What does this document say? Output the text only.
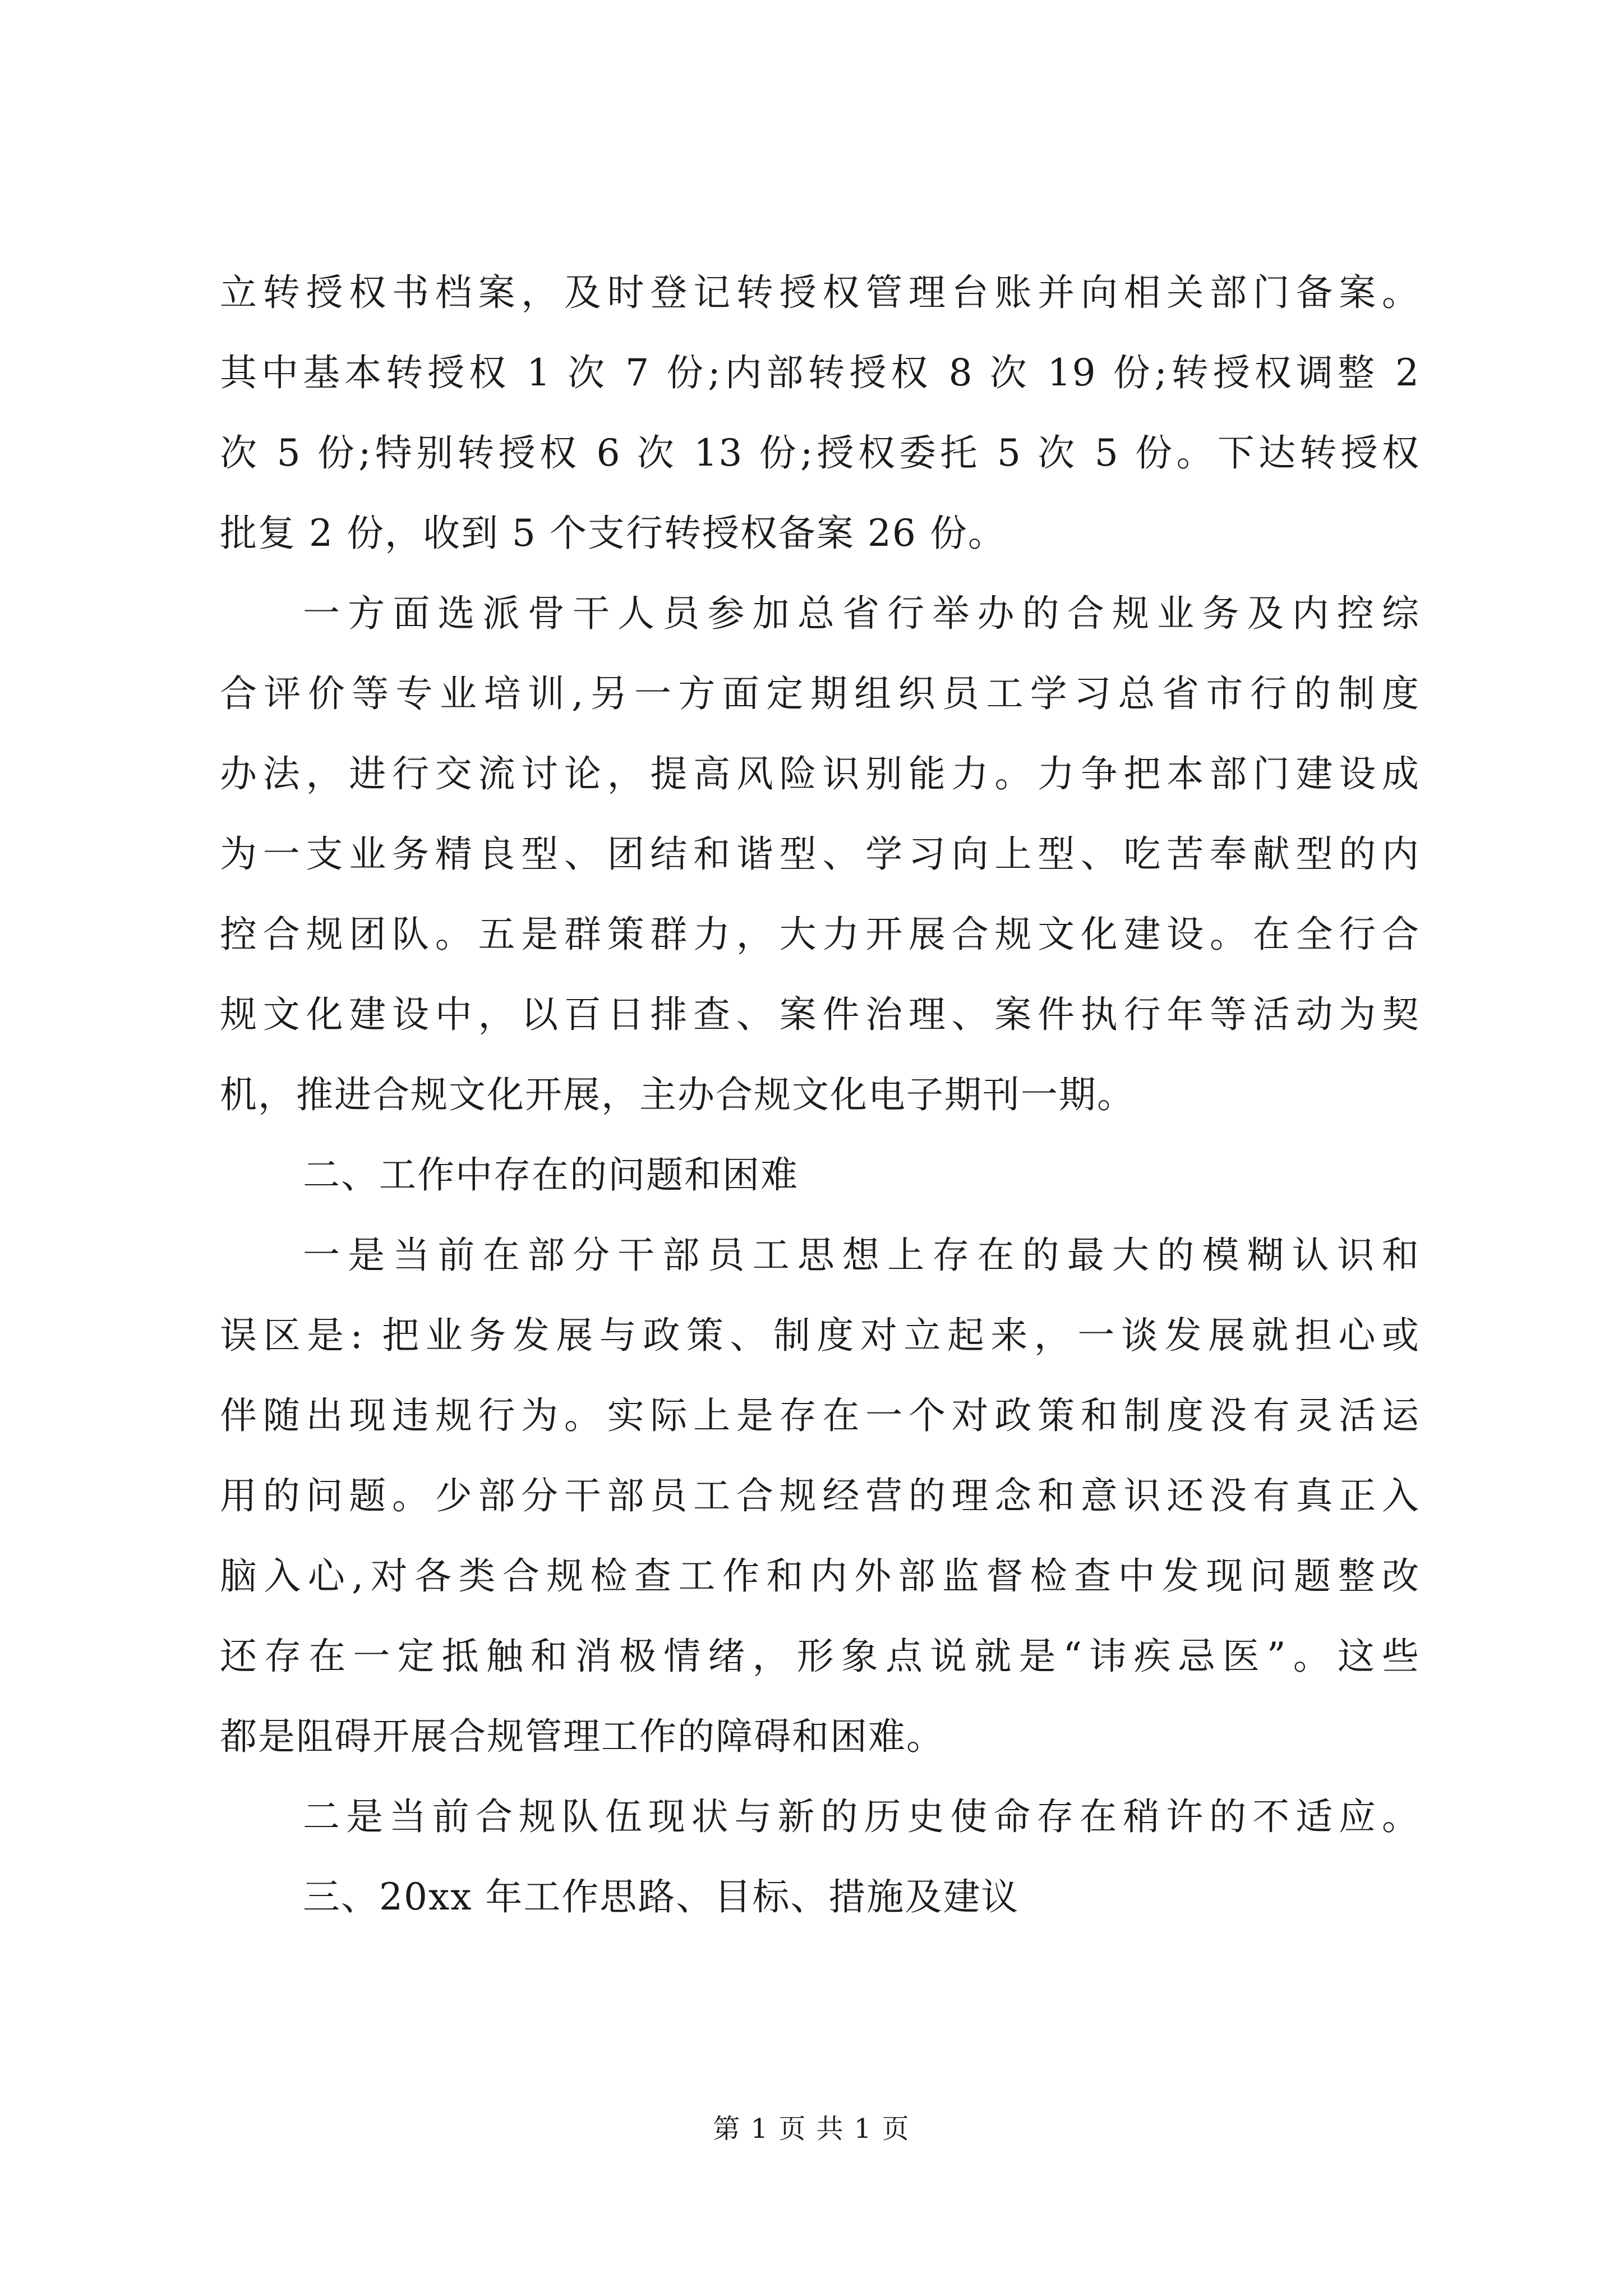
立转授权书档案，及时登记转授权管理台账并向相关部门备案。
其中基本转授权 1 次 7 份;内部转授权 8 次 19 份;转授权调整 2
次 5 份;特别转授权 6 次 13 份;授权委托 5 次 5 份。下达转授权
批复 2 份，收到 5 个支行转授权备案 26 份。
一方面选派骨干人员参加总省行举办的合规业务及内控综
合评价等专业培训,另一方面定期组织员工学习总省市行的制度
办法，进行交流讨论，提高风险识别能力。力争把本部门建设成
为一支业务精良型、团结和谐型、学习向上型、吃苦奉献型的内
控合规团队。五是群策群力，大力开展合规文化建设。在全行合
规文化建设中，以百日排查、案件治理、案件执行年等活动为契
机，推进合规文化开展，主办合规文化电子期刊一期。
二、工作中存在的问题和困难
一是当前在部分干部员工思想上存在的最大的模糊认识和
误区是: 把业务发展与政策、制度对立起来，一谈发展就担心或
伴随出现违规行为。实际上是存在一个对政策和制度没有灵活运
用的问题。少部分干部员工合规经营的理念和意识还没有真正入
脑入心,对各类合规检查工作和内外部监督检查中发现问题整改
还存在一定抵触和消极情绪，形象点说就是“讳疾忌医”。这些
都是阻碍开展合规管理工作的障碍和困难。
二是当前合规队伍现状与新的历史使命存在稍许的不适应。
三、20xx 年工作思路、目标、措施及建议
第 1 页 共 1 页
